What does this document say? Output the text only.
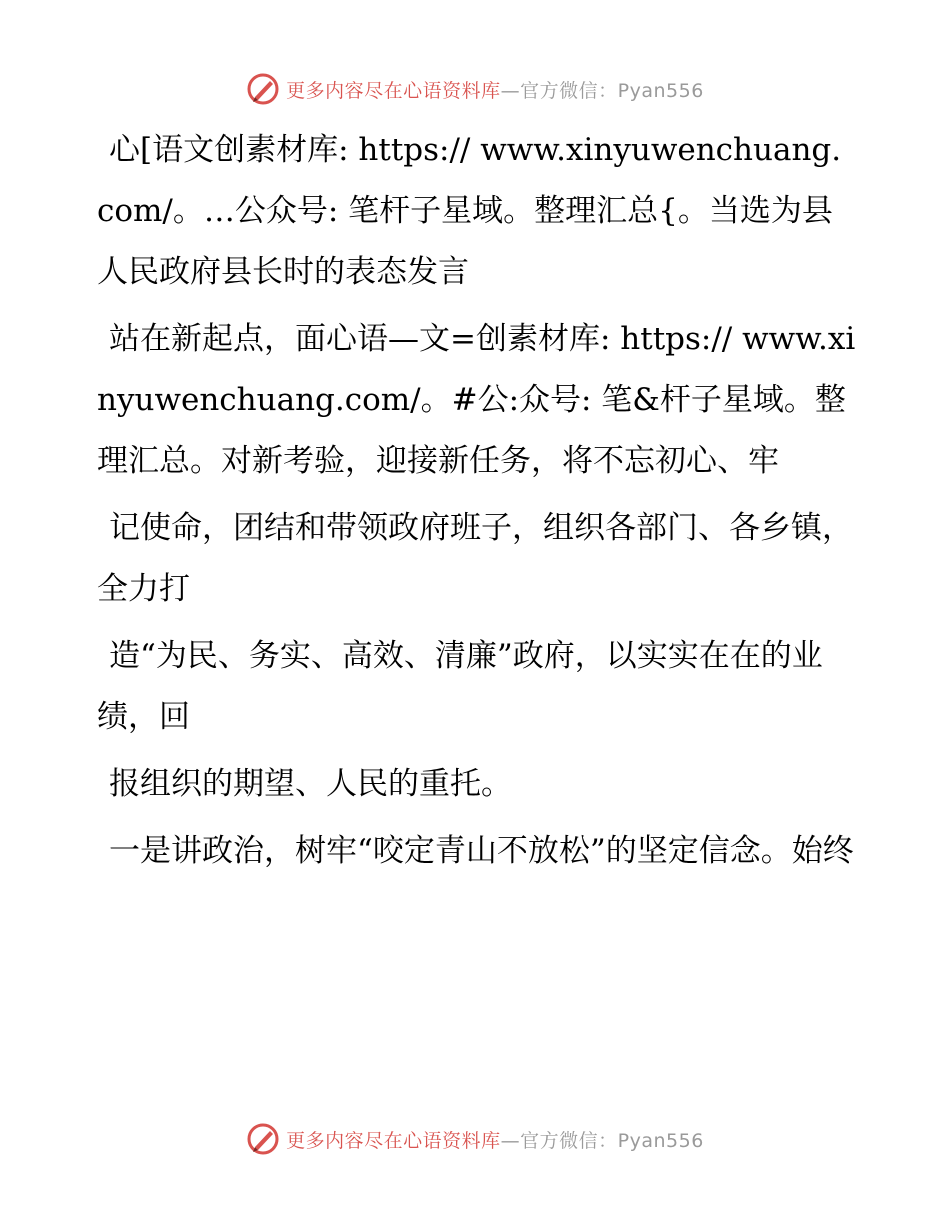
更多内容尽在心语资料库 —官方微信：Pyan556

心[语文创素材库: https:// www.xinyuwenchuang.com/。…公众号: 笔杆子星域。整理汇总{。当选为县人民政府县长时的表态发言

站在新起点，面心语—文=创素材库: https:// www.xinyuwenchuang.com/。#公:众号: 笔&杆子星域。整理汇总。对新考验，迎接新任务，将不忘初心、牢

记使命，团结和带领政府班子，组织各部门、各乡镇，全力打

造“为民、务实、高效、清廉”政府，以实实在在的业绩，回

报组织的期望、人民的重托。

一是讲政治，树牢“咬定青山不放松”的坚定信念。始终

更多内容尽在心语资料库 —官方微信：Pyan556
